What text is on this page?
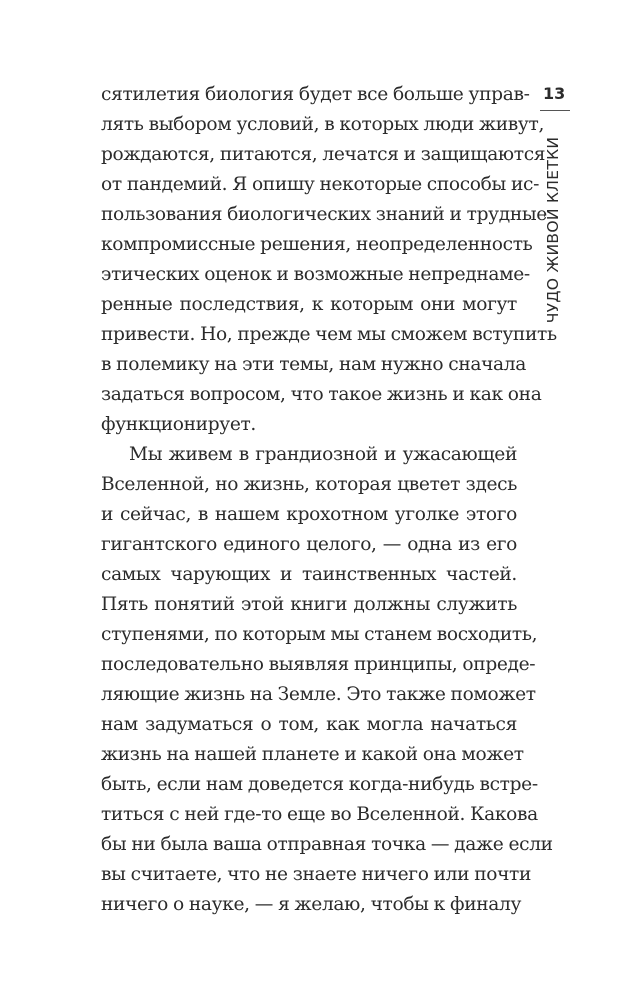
13
ЧУДО ЖИВОЙ КЛЕТКИ
сятилетия биология будет все больше управ-
лять выбором условий, в которых люди живут,
рождаются, питаются, лечатся и защищаются
от пандемий. Я опишу некоторые способы ис-
пользования биологических знаний и трудные
компромиссные решения, неопределенность
этических оценок и возможные непреднаме-
ренные последствия, к которым они могут
привести. Но, прежде чем мы сможем вступить
в полемику на эти темы, нам нужно сначала
задаться вопросом, что такое жизнь и как она
функционирует.
Мы живем в грандиозной и ужасающей
Вселенной, но жизнь, которая цветет здесь
и сейчас, в нашем крохотном уголке этого
гигантского единого целого, — одна из его
самых чарующих и таинственных частей.
Пять понятий этой книги должны служить
ступенями, по которым мы станем восходить,
последовательно выявляя принципы, опреде-
ляющие жизнь на Земле. Это также поможет
нам задуматься о том, как могла начаться
жизнь на нашей планете и какой она может
быть, если нам доведется когда-нибудь встре-
титься с ней где-то еще во Вселенной. Какова
бы ни была ваша отправная точка — даже если
вы считаете, что не знаете ничего или почти
ничего о науке, — я желаю, чтобы к финалу
